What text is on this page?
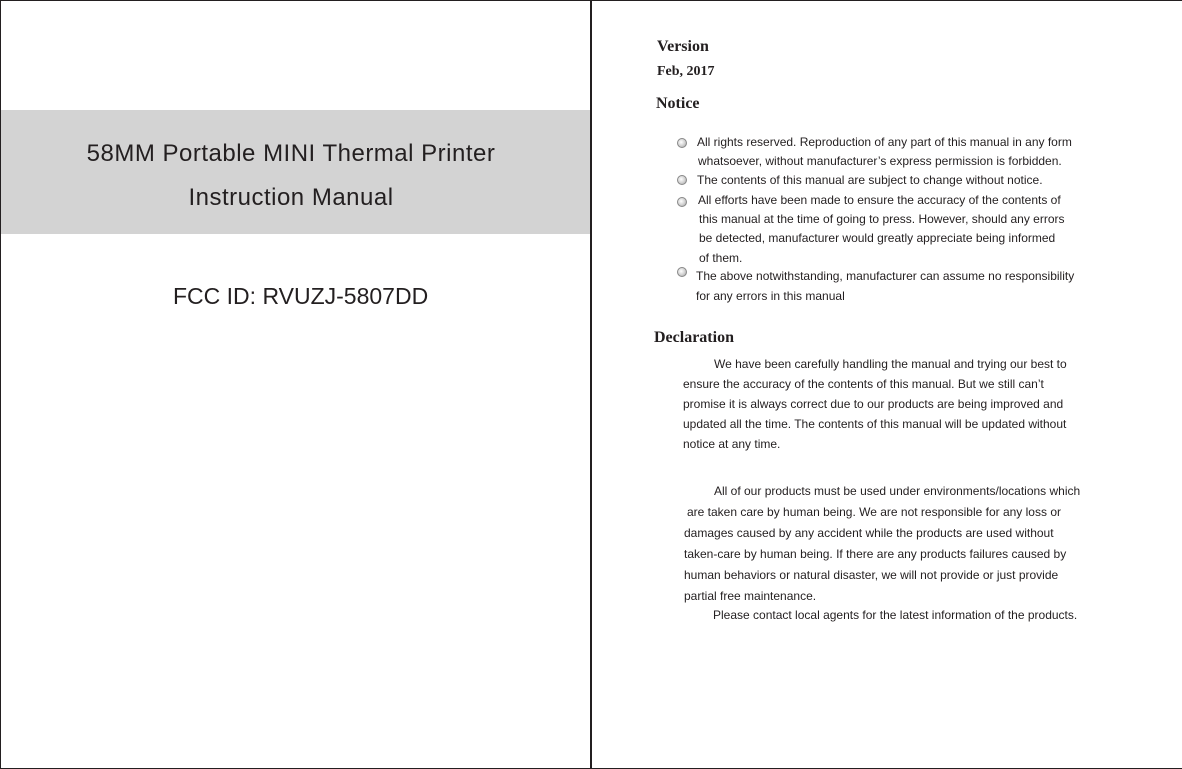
58MM Portable MINI Thermal Printer
Instruction Manual
FCC ID: RVUZJ-5807DD
Version
Feb, 2017
Notice
All rights reserved. Reproduction of any part of this manual in any form
whatsoever, without manufacturer’s express permission is forbidden.
The contents of this manual are subject to change without notice.
All efforts have been made to ensure the accuracy of the contents of
this manual at the time of going to press. However, should any errors
be detected, manufacturer would greatly appreciate being informed
of them.
The above notwithstanding, manufacturer can assume no responsibility
for any errors in this manual
Declaration
We have been carefully handling the manual and trying our best to
ensure the accuracy of the contents of this manual. But we still can’t
promise it is always correct due to our products are being improved and
updated all the time. The contents of this manual will be updated without
notice at any time.
All of our products must be used under environments/locations which
are taken care by human being. We are not responsible for any loss or
damages caused by any accident while the products are used without
taken-care by human being. If there are any products failures caused by
human behaviors or natural disaster, we will not provide or just provide
partial free maintenance.
Please contact local agents for the latest information of the products.
